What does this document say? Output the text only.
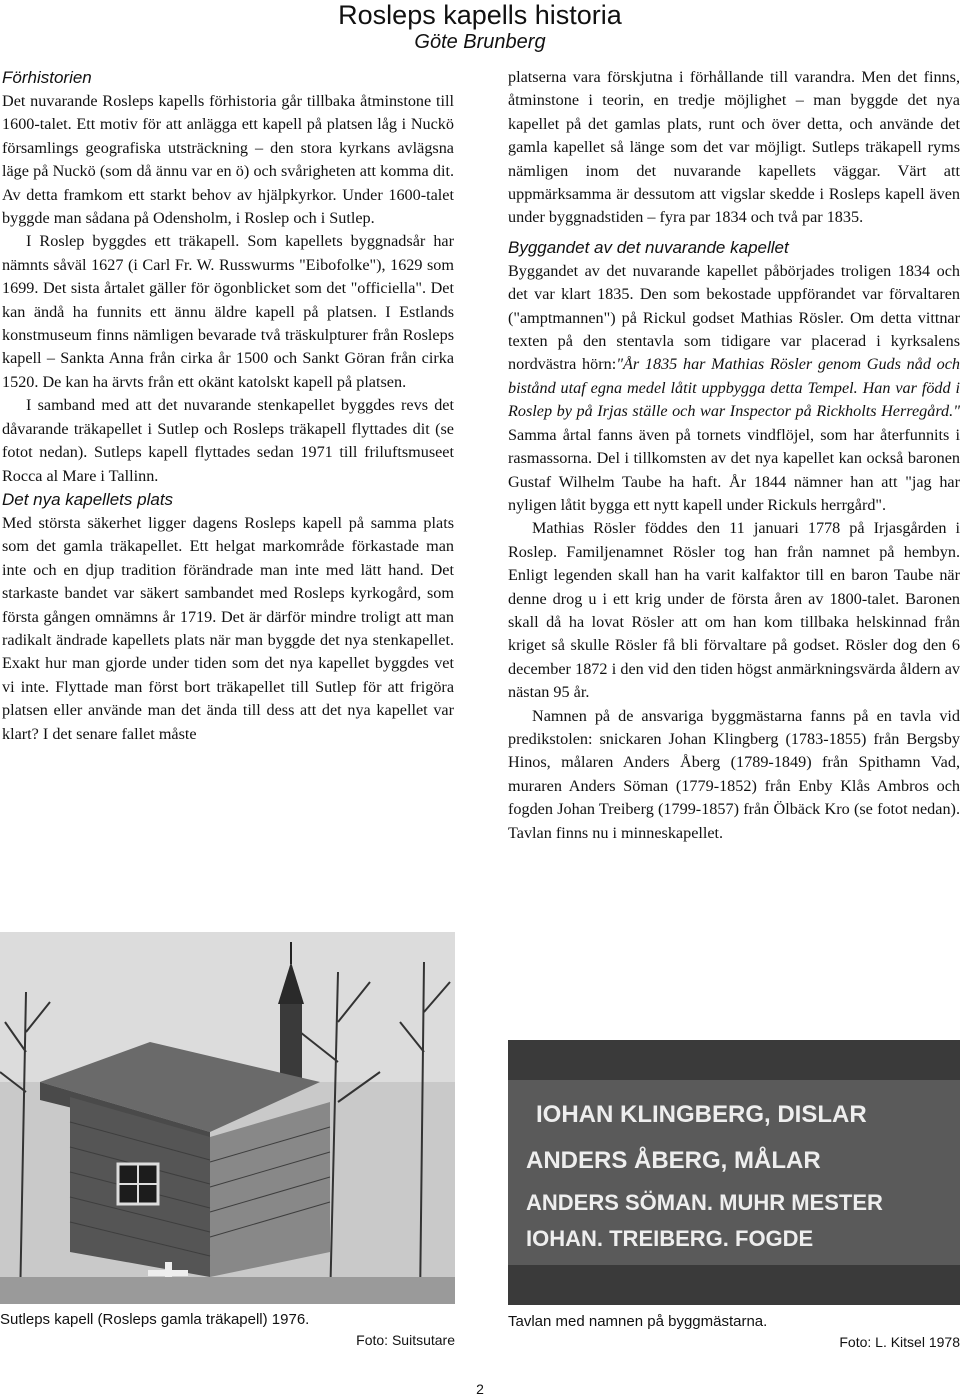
Rosleps kapells historia
Göte Brunberg
Förhistorien

Det nuvarande Rosleps kapells förhistoria går tillbaka åtminstone till 1600-talet. Ett motiv för att anlägga ett kapell på platsen låg i Nuckö församlings geografiska utsträckning – den stora kyrkans avlägsna läge på Nuckö (som då ännu var en ö) och svårigheten att komma dit. Av detta framkom ett starkt behov av hjälpkyrkor. Under 1600-talet byggde man sådana på Odensholm, i Roslep och i Sutlep.

I Roslep byggdes ett träkapell. Som kapellets byggnadsår har nämnts såväl 1627 (i Carl Fr. W. Russwurms "Eibofolke"), 1629 som 1699. Det sista årtalet gäller för ögonblicket som det "officiella". Det kan ändå ha funnits ett ännu äldre kapell på platsen. I Estlands konstmuseum finns nämligen bevarade två träskulpturer från Rosleps kapell – Sankta Anna från cirka år 1500 och Sankt Göran från cirka 1520. De kan ha ärvts från ett okänt katolskt kapell på platsen.

I samband med att det nuvarande stenkapellet byggdes revs det dåvarande träkapellet i Sutlep och Rosleps träkapell flyttades dit (se fotot nedan). Sutleps kapell flyttades sedan 1971 till friluftsmuseet Rocca al Mare i Tallinn.

Det nya kapellets plats

Med största säkerhet ligger dagens Rosleps kapell på samma plats som det gamla träkapellet. Ett helgat markområde förkastade man inte och en djup tradition förändrade man inte med lätt hand. Det starkaste bandet var säkert sambandet med Rosleps kyrkogård, som första gången omnämns år 1719. Det är därför mindre troligt att man radikalt ändrade kapellets plats när man byggde det nya stenkapellet. Exakt hur man gjorde under tiden som det nya kapellet byggdes vet vi inte. Flyttade man först bort träkapellet till Sutlep för att frigöra platsen eller använde man det ända till dess att det nya kapellet var klart? I det senare fallet måste

platserna vara förskjutna i förhållande till varandra. Men det finns, åtminstone i teorin, en tredje möjlighet – man byggde det nya kapellet på det gamlas plats, runt och över detta, och använde det gamla kapellet så länge som det var möjligt. Sutleps träkapell ryms nämligen inom det nuvarande kapellets väggar. Värt att uppmärksamma är dessutom att vigslar skedde i Rosleps kapell även under byggnadstiden – fyra par 1834 och två par 1835.

Byggandet av det nuvarande kapellet

Byggandet av det nuvarande kapellet påbörjades troligen 1834 och det var klart 1835. Den som bekostade uppförandet var förvaltaren ("amptmannen") på Rickul godset Mathias Rösler. Om detta vittnar texten på den stentavla som tidigare var placerad i kyrksalens nordvästra hörn:"År 1835 har Mathias Rösler genom Guds nåd och bistånd utaf egna medel låtit uppbygga detta Tempel. Han var född i Roslep by på Irjas ställe och war Inspector på Rickholts Herregård." Samma årtal fanns även på tornets vindflöjel, som har återfunnits i rasmassorna. Del i tillkomsten av det nya kapellet kan också baronen Gustaf Wilhelm Taube ha haft. År 1844 nämner han att "jag har nyligen låtit bygga ett nytt kapell under Rickuls herrgård".

Mathias Rösler föddes den 11 januari 1778 på Irjasgården i Roslep. Familjenamnet Rösler tog han från namnet på hembyn. Enligt legenden skall han ha varit kalfaktor till en baron Taube när denne drog u i ett krig under de första åren av 1800-talet. Baronen skall då ha lovat Rösler att om han kom tillbaka helskinnad från kriget så skulle Rösler få bli förvaltare på godset. Rösler dog den 6 december 1872 i den vid den tiden högst anmärkningsvärda åldern av nästan 95 år.

Namnen på de ansvariga byggmästarna fanns på en tavla vid predikstolen: snickaren Johan Klingberg (1783-1855) från Bergsby Hinos, målaren Anders Åberg (1789-1849) från Spithamn Vad, muraren Anders Söman (1779-1852) från Enby Klås Ambros och fogden Johan Treiberg (1799-1857) från Ölbäck Kro (se fotot nedan). Tavlan finns nu i minneskapellet.

IOHAN KLINGBERG, DISLAR
ANDERS ÅBERG, MÅLAR
ANDERS SÖMAN. MUHR MESTER
IOHAN. TREIBERG. FOGDE
Sutleps kapell (Rosleps gamla träkapell) 1976.
Foto: Suitsutare
Tavlan med namnen på byggmästarna.
Foto: L. Kitsel 1978
2
